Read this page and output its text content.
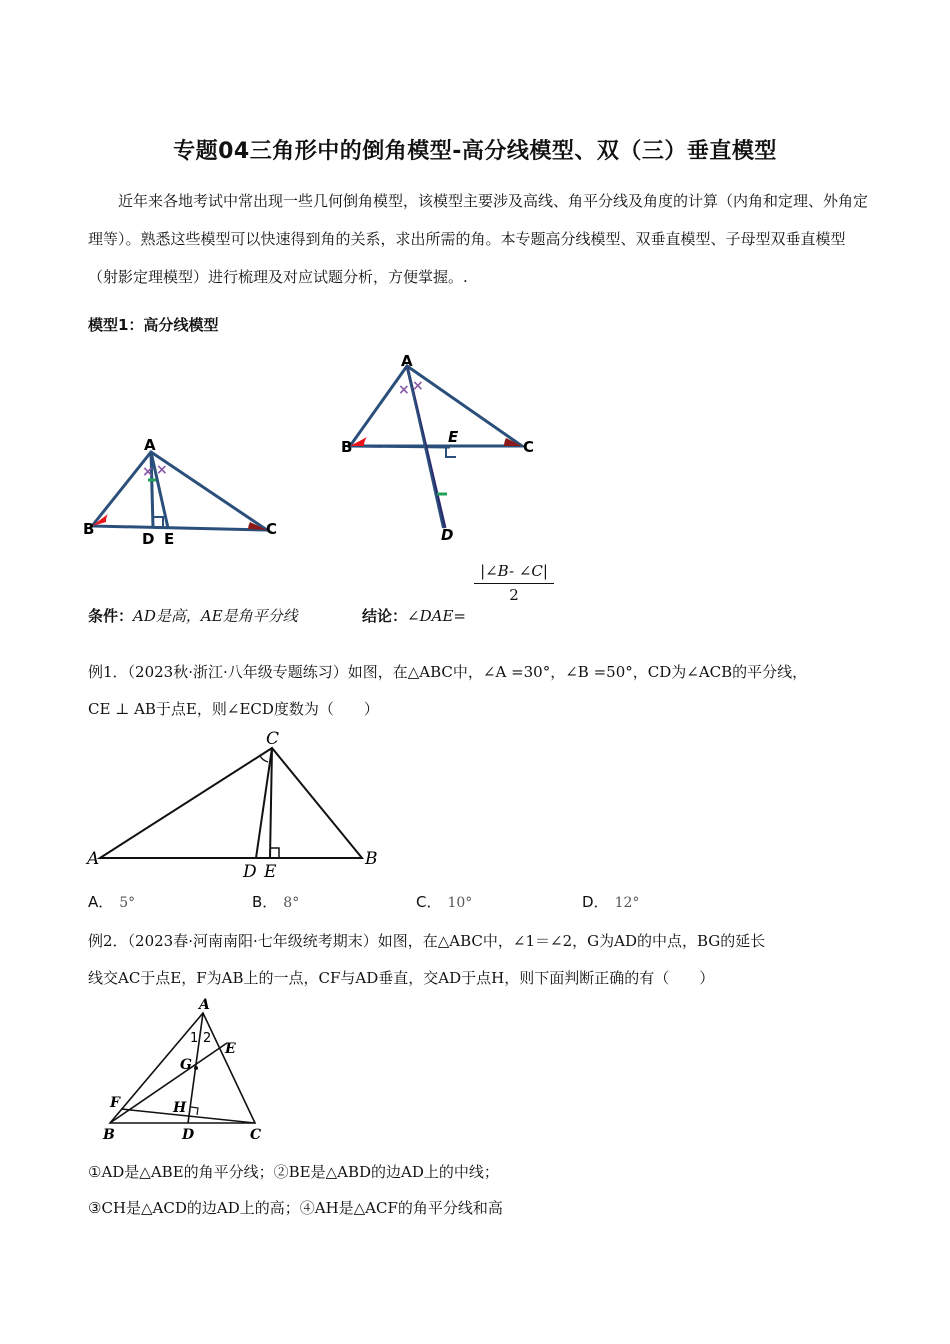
专题04三角形中的倒角模型-高分线模型、双（三）垂直模型
近年来各地考试中常出现一些几何倒角模型，该模型主要涉及高线、角平分线及角度的计算（内角和定理、外角定理等）。熟悉这些模型可以快速得到角的关系，求出所需的角。本专题高分线模型、双垂直模型、子母型双垂直模型（射影定理模型）进行梳理及对应试题分析，方便掌握。.
模型1：高分线模型
× ×
A
B	C
D E
× ×
A
B	C
E
D
$\frac{|\angle B- \angle C|}{2}$
条件：AD是高，AE是角平分线	结论：∠DAE=
例1．（2023秋·浙江·八年级专题练习）如图，在△ABC中，∠A =30°，∠B =50°，CD为∠ACB的平分线，
CE ⊥ AB于点E，则∠ECD度数为（　　）
A
C
B
D E
A． 5°	B． 8°	C． 10°	D． 12°
例2．（2023春·河南南阳·七年级统考期末）如图，在△ABC中，∠1＝∠2，G为AD的中点，BG的延长
线交AC于点E，F为AB上的一点，CF与AD垂直，交AD于点H，则下面判断正确的有（　　）
A
1 2
E
G
F	H
B	D	C
①AD是△ABE的角平分线；②BE是△ABD的边AD上的中线；
③CH是△ACD的边AD上的高；④AH是△ACF的角平分线和高
